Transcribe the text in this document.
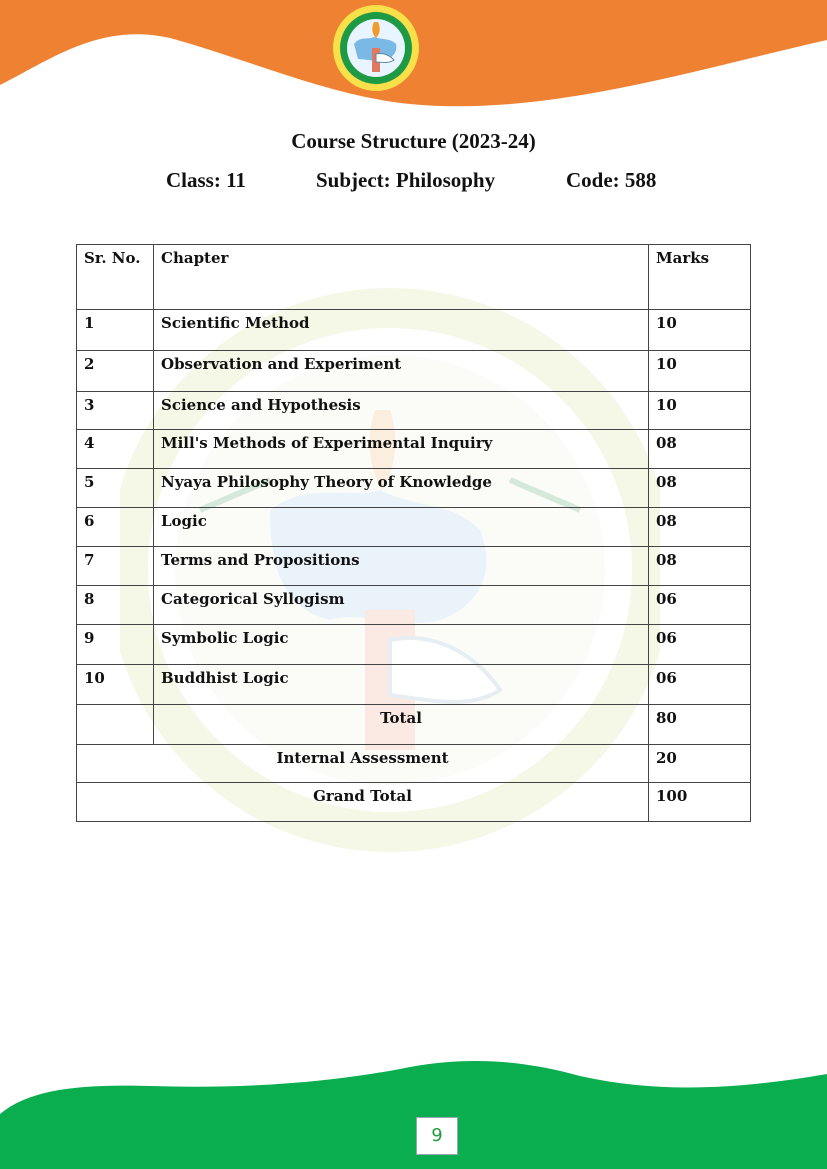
Course Structure (2023-24)
Class: 11	Subject: Philosophy	Code: 588
Sr. No.	Chapter	Marks
1	Scientific Method	10
2	Observation and Experiment	10
3	Science and Hypothesis	10
4	Mill's Methods of Experimental Inquiry	08
5	Nyaya Philosophy Theory of Knowledge	08
6	Logic	08
7	Terms and Propositions	08
8	Categorical Syllogism	06
9	Symbolic Logic	06
10	Buddhist Logic	06
	Total	80
Internal Assessment		20
Grand Total		100
9
